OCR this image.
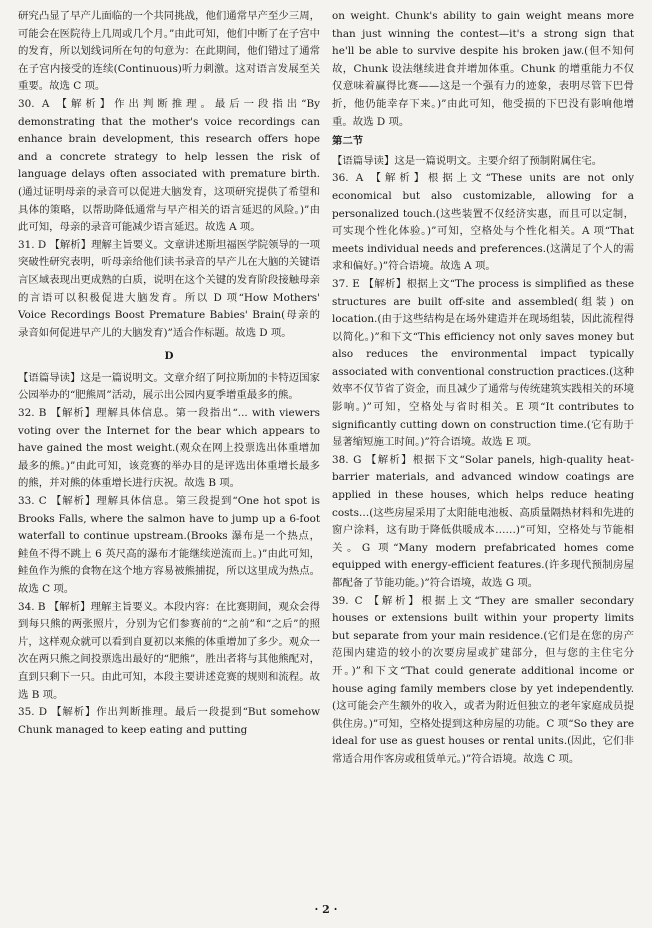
研究凸显了早产儿面临的一个共同挑战，他们通常早产至少三周，可能会在医院待上几周或几个月。”由此可知，他们中断了在子宫中的发育，所以划线词所在句的句意为：在此期间，他们错过了通常在子宫内接受的连续(Continuous)听力刺激。这对语言发展至关重要。故选 C 项。

30. A 【解析】作出判断推理。最后一段指出“By demonstrating that the mother's voice recordings can enhance brain development, this research offers hope and a concrete strategy to help lessen the risk of language delays often associated with premature birth.(通过证明母亲的录音可以促进大脑发育，这项研究提供了希望和具体的策略，以帮助降低通常与早产相关的语言延迟的风险。)”由此可知，母亲的录音可能减少语言延迟。故选 A 项。

31. D 【解析】理解主旨要义。文章讲述斯坦福医学院领导的一项突破性研究表明，听母亲给他们读书录音的早产儿在大脑的关键语言区域表现出更成熟的白质，说明在这个关键的发育阶段接触母亲的言语可以积极促进大脑发育。所以 D 项“How Mothers' Voice Recordings Boost Premature Babies' Brain(母亲的录音如何促进早产儿的大脑发育)”适合作标题。故选 D 项。

D

【语篇导读】这是一篇说明文。文章介绍了阿拉斯加的卡特迈国家公园举办的“肥熊周”活动，展示出公园内夏季增重最多的熊。

32. B 【解析】理解具体信息。第一段指出“... with viewers voting over the Internet for the bear which appears to have gained the most weight.(观众在网上投票选出体重增加最多的熊。)”由此可知，该竞赛的举办目的是评选出体重增长最多的熊，并对熊的体重增长进行庆祝。故选 B 项。

33. C 【解析】理解具体信息。第三段提到“One hot spot is Brooks Falls, where the salmon have to jump up a 6-foot waterfall to continue upstream.(Brooks 瀑布是一个热点，鲑鱼不得不跳上 6 英尺高的瀑布才能继续逆流而上。)”由此可知，鲑鱼作为熊的食物在这个地方容易被熊捕捉，所以这里成为热点。故选 C 项。

34. B 【解析】理解主旨要义。本段内容：在比赛期间，观众会得到每只熊的两张照片，分别为它们参赛前的“之前”和“之后”的照片，这样观众就可以看到自夏初以来熊的体重增加了多少。观众一次在两只熊之间投票选出最好的“肥熊”，胜出者将与其他熊配对，直到只剩下一只。由此可知，本段主要讲述竞赛的规则和流程。故选 B 项。

35. D 【解析】作出判断推理。最后一段提到“But somehow Chunk managed to keep eating and putting

on weight. Chunk's ability to gain weight means more than just winning the contest—it's a strong sign that he'll be able to survive despite his broken jaw.(但不知何故，Chunk 设法继续进食并增加体重。Chunk 的增重能力不仅仅意味着赢得比赛——这是一个强有力的迹象，表明尽管下巴骨折，他仍能幸存下来。)”由此可知，他受损的下巴没有影响他增重。故选 D 项。

第二节

【语篇导读】这是一篇说明文。主要介绍了预制附属住宅。

36. A 【解析】根据上文“These units are not only economical but also customizable, allowing for a personalized touch.(这些装置不仅经济实惠，而且可以定制，可实现个性化体验。)”可知，空格处与个性化相关。A 项“That meets individual needs and preferences.(这满足了个人的需求和偏好。)”符合语境。故选 A 项。

37. E 【解析】根据上文“The process is simplified as these structures are built off-site and assembled(组装) on location.(由于这些结构是在场外建造并在现场组装，因此流程得以简化。)”和下文“This efficiency not only saves money but also reduces the environmental impact typically associated with conventional construction practices.(这种效率不仅节省了资金，而且减少了通常与传统建筑实践相关的环境影响。)”可知，空格处与省时相关。E 项“It contributes to significantly cutting down on construction time.(它有助于显著缩短施工时间。)”符合语境。故选 E 项。

38. G 【解析】根据下文“Solar panels, high-quality heat-barrier materials, and advanced window coatings are applied in these houses, which helps reduce heating costs…(这些房屋采用了太阳能电池板、高质量隔热材料和先进的窗户涂料，这有助于降低供暖成本……)”可知，空格处与节能相关。G 项“Many modern prefabricated homes come equipped with energy-efficient features.(许多现代预制房屋都配备了节能功能。)”符合语境，故选 G 项。

39. C 【解析】根据上文“They are smaller secondary houses or extensions built within your property limits but separate from your main residence.(它们是在您的房产范围内建造的较小的次要房屋或扩建部分，但与您的主住宅分开。)”和下文“That could generate additional income or house aging family members close by yet independently.(这可能会产生额外的收入，或者为附近但独立的老年家庭成员提供住房。)”可知，空格处提到这种房屋的功能。C 项“So they are ideal for use as guest houses or rental units.(因此，它们非常适合用作客房或租赁单元。)”符合语境。故选 C 项。

· 2 ·
